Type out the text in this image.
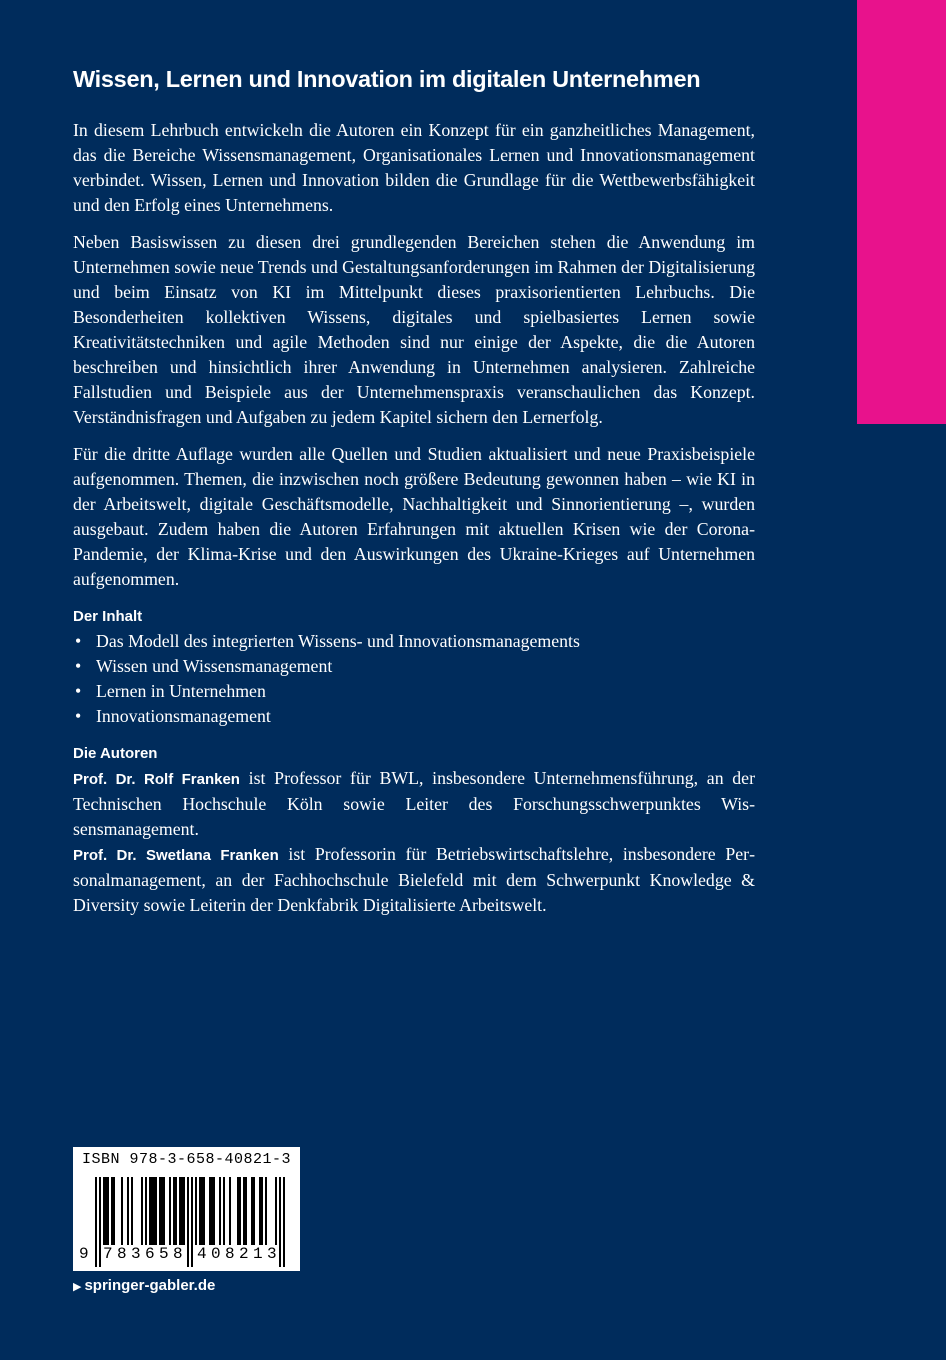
Wissen, Lernen und Innovation im digitalen Unternehmen

In diesem Lehrbuch entwickeln die Autoren ein Konzept für ein ganzheitliches Management, das die Bereiche Wissensmanagement, Organisationales Lernen und Innovationsmanagement verbindet. Wissen, Lernen und Innovation bilden die Grundlage für die Wettbewerbsfähigkeit und den Erfolg eines Unternehmens.

Neben Basiswissen zu diesen drei grundlegenden Bereichen stehen die Anwendung im Unternehmen sowie neue Trends und Gestaltungsanforderungen im Rahmen der Digitalisierung und beim Einsatz von KI im Mittelpunkt dieses praxisorientierten Lehrbuchs. Die Besonderheiten kollektiven Wissens, digitales und spielbasiertes Lernen sowie Kreativitätstechniken und agile Methoden sind nur einige der Aspekte, die die Autoren beschreiben und hinsichtlich ihrer Anwendung in Unternehmen analysieren. Zahlreiche Fallstudien und Beispiele aus der Unternehmenspraxis veranschaulichen das Konzept. Verständnisfragen und Aufgaben zu jedem Kapitel sichern den Lernerfolg.

Für die dritte Auflage wurden alle Quellen und Studien aktualisiert und neue Praxisbeispiele aufgenommen. Themen, die inzwischen noch größere Bedeutung gewonnen haben – wie KI in der Arbeitswelt, digitale Geschäftsmodelle, Nachhaltigkeit und Sinnorientierung –, wurden ausgebaut. Zudem haben die Autoren Erfahrungen mit aktuellen Krisen wie der Corona-Pandemie, der Klima-Krise und den Auswirkungen des Ukraine-Krieges auf Unternehmen aufgenommen.

Der Inhalt
• Das Modell des integrierten Wissens- und Innovationsmanagements
• Wissen und Wissensmanagement
• Lernen in Unternehmen
• Innovationsmanagement
Die Autoren

Prof. Dr. Rolf Franken ist Professor für BWL, insbesondere Unternehmensführung, an der Technischen Hochschule Köln sowie Leiter des Forschungsschwerpunktes Wissensmanagement.

Prof. Dr. Swetlana Franken ist Professorin für Betriebswirtschaftslehre, insbesondere Personalmanagement, an der Fachhochschule Bielefeld mit dem Schwerpunkt Knowledge & Diversity sowie Leiterin der Denkfabrik Digitalisierte Arbeitswelt.

ISBN 978-3-658-40821-3
9 7 8 3 6 5 8 4 0 8 2 1 3
▶ springer-gabler.de
